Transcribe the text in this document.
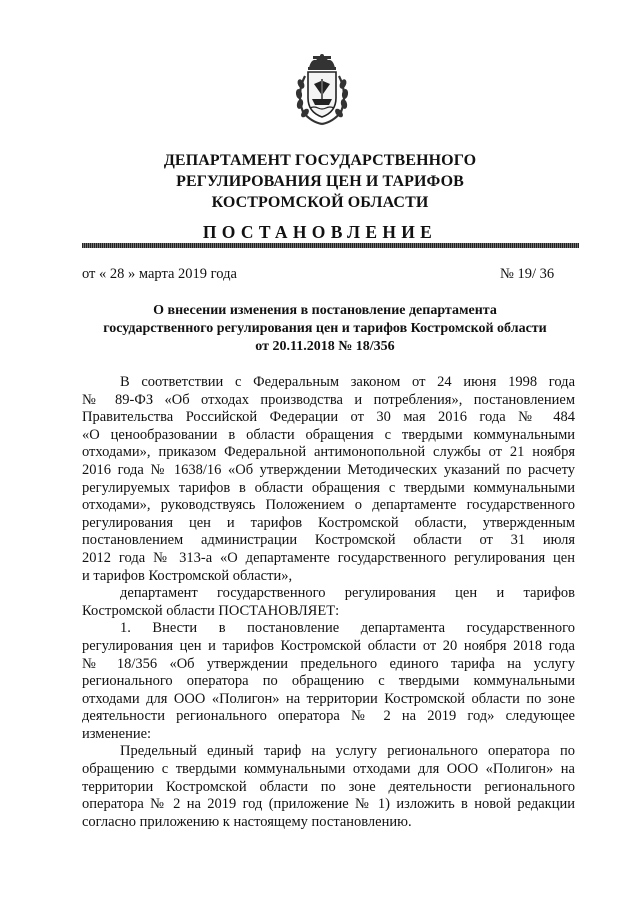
ДЕПАРТАМЕНТ ГОСУДАРСТВЕННОГО
РЕГУЛИРОВАНИЯ ЦЕН И ТАРИФОВ
КОСТРОМСКОЙ ОБЛАСТИ
ПОСТАНОВЛЕНИЕ
от « 28 » марта 2019 года	№ 19/ 36
О внесении изменения в постановление департамента
государственного регулирования цен и тарифов Костромской области
от 20.11.2018 № 18/356
В соответствии с Федеральным законом от 24 июня 1998 года
№ 89-ФЗ «Об отходах производства и потребления», постановлением
Правительства Российской Федерации от 30 мая 2016 года № 484
«О ценообразовании в области обращения с твердыми коммунальными
отходами», приказом Федеральной антимонопольной службы от 21 ноября
2016 года № 1638/16 «Об утверждении Методических указаний по расчету
регулируемых тарифов в области обращения с твердыми коммунальными
отходами», руководствуясь Положением о департаменте государственного
регулирования цен и тарифов Костромской области, утвержденным
постановлением администрации Костромской области от 31 июля
2012 года № 313-а «О департаменте государственного регулирования цен
и тарифов Костромской области»,
департамент государственного регулирования цен и тарифов
Костромской области ПОСТАНОВЛЯЕТ:
1. Внести в постановление департамента государственного
регулирования цен и тарифов Костромской области от 20 ноября 2018 года
№ 18/356 «Об утверждении предельного единого тарифа на услугу
регионального оператора по обращению с твердыми коммунальными
отходами для ООО «Полигон» на территории Костромской области по зоне
деятельности регионального оператора № 2 на 2019 год» следующее
изменение:
Предельный единый тариф на услугу регионального оператора по
обращению с твердыми коммунальными отходами для ООО «Полигон» на
территории Костромской области по зоне деятельности регионального
оператора № 2 на 2019 год (приложение № 1) изложить в новой редакции
согласно приложению к настоящему постановлению.
